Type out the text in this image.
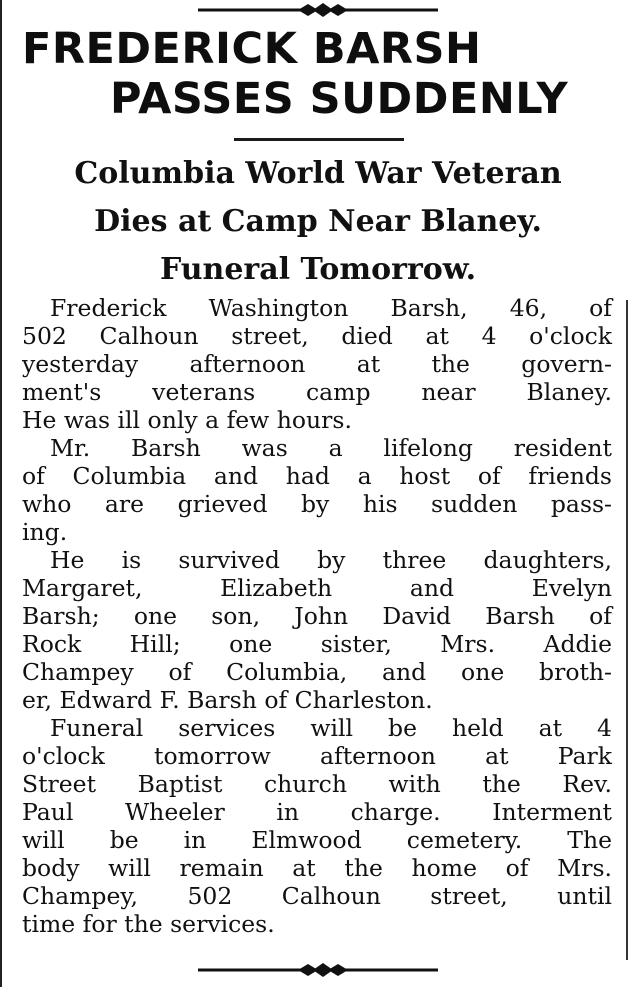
FREDERICK BARSH
PASSES SUDDENLY
Columbia World War Veteran
Dies at Camp Near Blaney.
Funeral Tomorrow.
Frederick Washington Barsh, 46, of
502 Calhoun street, died at 4 o'clock
yesterday afternoon at the govern-
ment's veterans camp near Blaney.
He was ill only a few hours.
Mr. Barsh was a lifelong resident
of Columbia and had a host of friends
who are grieved by his sudden pass-
ing.
He is survived by three daughters,
Margaret, Elizabeth and Evelyn
Barsh; one son, John David Barsh of
Rock Hill; one sister, Mrs. Addie
Champey of Columbia, and one broth-
er, Edward F. Barsh of Charleston.
Funeral services will be held at 4
o'clock tomorrow afternoon at Park
Street Baptist church with the Rev.
Paul Wheeler in charge. Interment
will be in Elmwood cemetery. The
body will remain at the home of Mrs.
Champey, 502 Calhoun street, until
time for the services.
